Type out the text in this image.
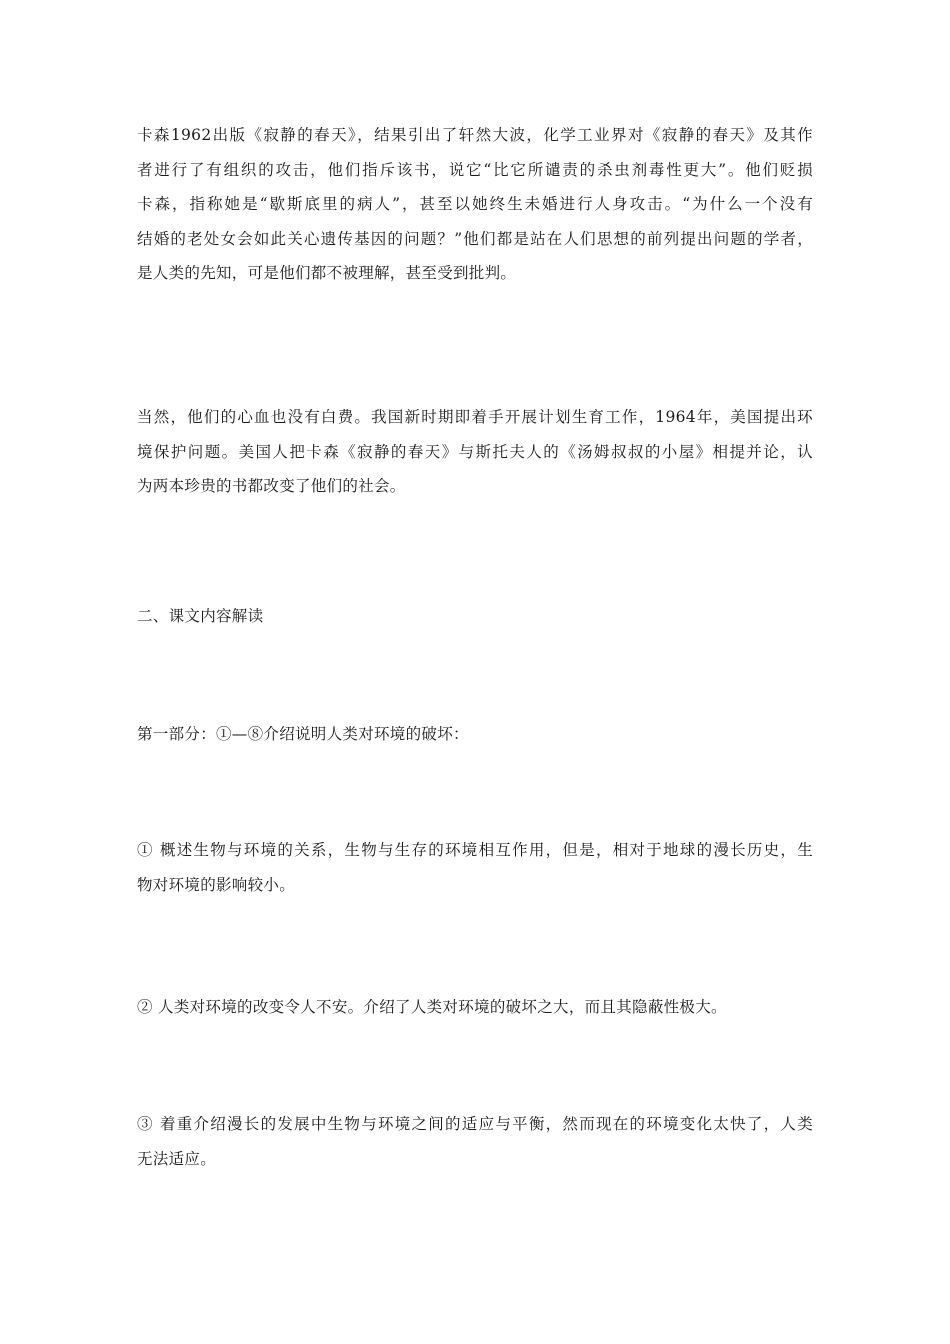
卡森1962出版《寂静的春天》，结果引出了轩然大波，化学工业界对《寂静的春天》及其作
者进行了有组织的攻击，他们指斥该书，说它“比它所谴责的杀虫剂毒性更大”。他们贬损
卡森，指称她是“歇斯底里的病人”，甚至以她终生未婚进行人身攻击。“为什么一个没有
结婚的老处女会如此关心遗传基因的问题？”他们都是站在人们思想的前列提出问题的学者，
是人类的先知，可是他们都不被理解，甚至受到批判。
当然，他们的心血也没有白费。我国新时期即着手开展计划生育工作，1964年，美国提出环
境保护问题。美国人把卡森《寂静的春天》与斯托夫人的《汤姆叔叔的小屋》相提并论，认
为两本珍贵的书都改变了他们的社会。
二、课文内容解读
第一部分：①—⑧介绍说明人类对环境的破坏：
① 概述生物与环境的关系，生物与生存的环境相互作用，但是，相对于地球的漫长历史，生
物对环境的影响较小。
② 人类对环境的改变令人不安。介绍了人类对环境的破坏之大，而且其隐蔽性极大。
③ 着重介绍漫长的发展中生物与环境之间的适应与平衡，然而现在的环境变化太快了，人类
无法适应。
